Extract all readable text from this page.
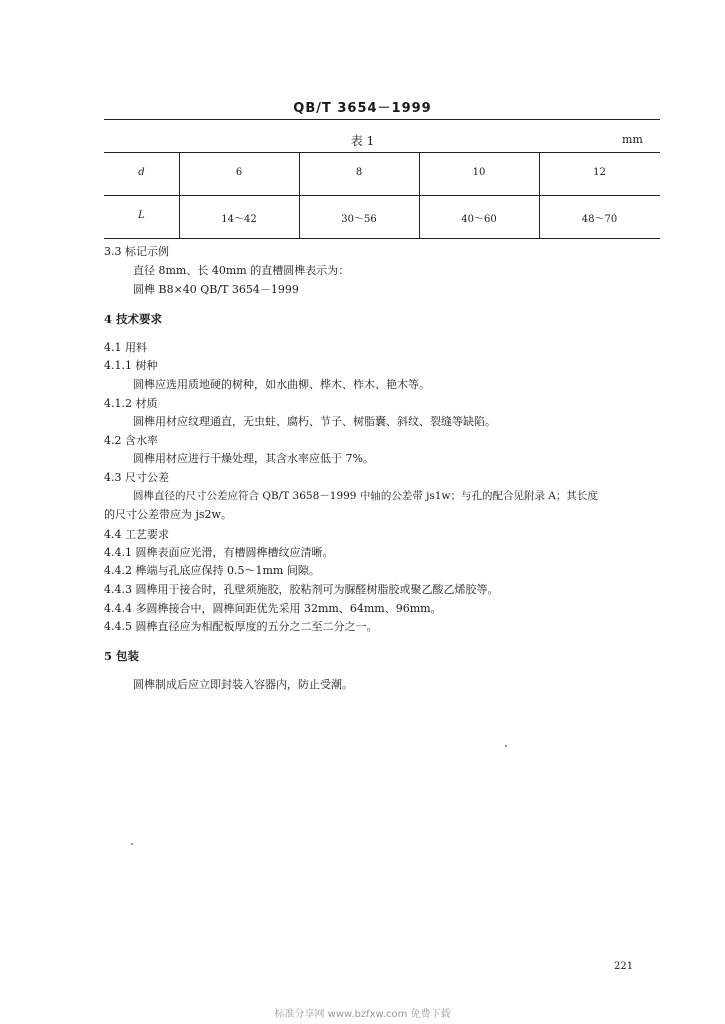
QB/T 3654－1999
表 1	mm
d	6	8	10	12
L	14～42	30～56	40～60	48～70
3.3 标记示例
直径 8mm、长 40mm 的直槽圆榫表示为：
圆榫 B8×40 QB/T 3654－1999
4 技术要求
4.1 用料
4.1.1 树种
圆榫应选用质地硬的树种，如水曲柳、桦木、柞木、艳木等。
4.1.2 材质
圆榫用材应纹理通直，无虫蛀、腐朽、节子、树脂囊、斜纹、裂缝等缺陷。
4.2 含水率
圆榫用材应进行干燥处理，其含水率应低于 7%。
4.3 尺寸公差
圆榫直径的尺寸公差应符合 QB/T 3658－1999 中轴的公差带 js1w；与孔的配合见附录 A；其长度
的尺寸公差带应为 js2w。
4.4 工艺要求
4.4.1 圆榫表面应光滑，有槽圆榫槽纹应清晰。
4.4.2 榫端与孔底应保持 0.5～1mm 间隙。
4.4.3 圆榫用于接合时，孔壁须施胶，胶粘剂可为脲醛树脂胶或聚乙酸乙烯胶等。
4.4.4 多圆榫接合中，圆榫间距优先采用 32mm、64mm、96mm。
4.4.5 圆榫直径应为相配板厚度的五分之二至二分之一。
5 包装
圆榫制成后应立即封装入容器内，防止受潮。
221
标准分享网 www.bzfxw.com 免费下载
